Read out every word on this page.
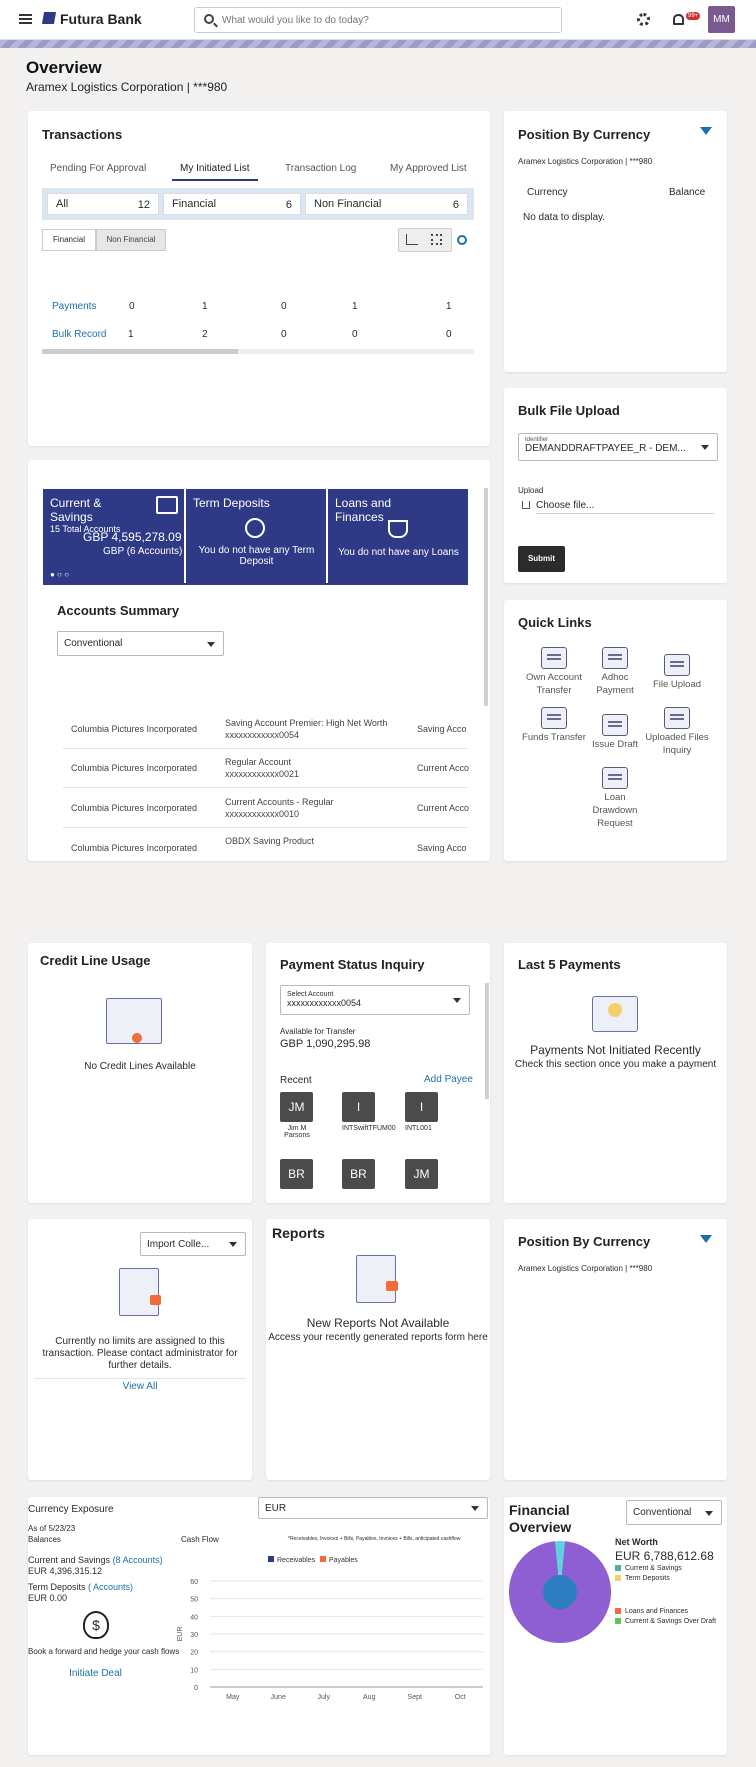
Futura Bank
What would you like to do today?	99+	MM
Overview
Aramex Logistics Corporation | ***980
Transactions
Pending For Approval	My Initiated List	Transaction Log	My Approved List
All	12	Financial	6	Non Financial	6
Financial	Non Financial
Payments	0	1	0	1	1
Bulk Record 1	2	0	0	0
Position By Currency
Aramex Logistics Corporation | ***980
Currency	Balance
No data to display.
Bulk File Upload
Identifier
DEMANDDRAFTPAYEE_R - DEM...
Upload
Choose file...
Submit
Current & Savings
15 Total Accounts
GBP 4,595,278.09
GBP (6 Accounts)
● ○ ○
Term Deposits
You do not have any Term Deposit
Loans and Finances
You do not have any Loans
Accounts Summary
Conventional
Columbia Pictures Incorporated
Saving Account Premier: High Net Worth
xxxxxxxxxxxx0054
Saving Acco
Columbia Pictures Incorporated
Regular Account
xxxxxxxxxxxx0021
Current Acco
Columbia Pictures Incorporated
Current Accounts - Regular
xxxxxxxxxxxx0010
Current Acco
Columbia Pictures Incorporated
OBDX Saving Product
Saving Acco
Quick Links
Own Account Transfer
Adhoc Payment
File Upload
Funds Transfer
Issue Draft
Uploaded Files Inquiry
Loan Drawdown Request
Credit Line Usage
No Credit Lines Available
Payment Status Inquiry
Select Account
xxxxxxxxxxxx0054
Available for Transfer
GBP 1,090,295.98
Recent	Add Payee
JM
Jim M Parsons
I
INTSwiftTFUM00
I
INTL001
BR	BR	JM
Last 5 Payments
Payments Not Initiated Recently
Check this section once you make a payment
Import Colle...
Currently no limits are assigned to this transaction. Please contact administrator for further details.
View All
Reports
New Reports Not Available
Access your recently generated reports form here
Position By Currency
Aramex Logistics Corporation | ***980
Currency Exposure	EUR
As of 5/23/23
Balances	Cash Flow	*Receivables, Invoices + Bills, Payables, Invoices + Bills, anticipated cashflow
Current and Savings (8 Accounts)
EUR 4,396,315.12
Term Deposits ( Accounts)
EUR 0.00
$
Book a forward and hedge your cash flows
Initiate Deal
Receivables Payables
0
10
20
30
40
50
60
EUR
May	June	July	Aug	Sept	Oct
Financial Overview
Conventional
Net Worth
EUR 6,788,612.68
Current & Savings
Term Deposits
Loans and Finances
Current & Savings Over Draft
